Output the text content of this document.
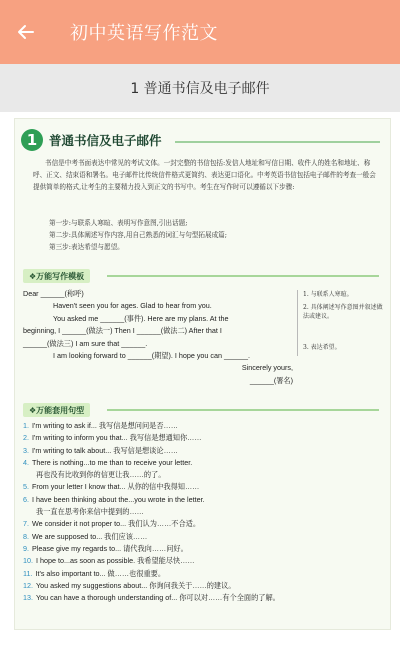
初中英语写作范文
1 普通书信及电子邮件
1 普通书信及电子邮件

书信是中考书面表达中常见的考试文体。一封完整的书信包括:发信人地址和写信日期、收件人的姓名和地址、称呼、正文、结束语和署名。电子邮件比传统信件格式更简约、表达更口语化。中考英语书信包括电子邮件的考查一般会提供简单的格式,让考生的主要精力投入到正文的书写中。考生在写作时可以遵循以下步骤:

第一步:与联系人寒暄、表明写作意图,引出话题;
第二步:具体阐述写作内容,用自己熟悉的词汇与句型拓展成篇;
第三步:表达希望与愿望。
❖万能写作模板
Dear ______(称呼)
Haven't seen you for ages. Glad to hear from you.
You asked me ______(事件). Here are my plans. At the
beginning, I ______(做法一) Then I ______(做法二) After that I
______(做法三) I am sure that ______.
I am looking forward to ______(期望). I hope you can ______.
Sincerely yours,
______(署名)
1. 与联系人寒暄。
2. 具体阐述写作意图并叙述做法或建议。
3. 表达希望。
❖万能套用句型
1. I'm writing to ask if... 我写信是想问问是否……
2. I'm writing to inform you that... 我写信是想通知你……
3. I'm writing to talk about... 我写信是想谈论……
4. There is nothing...to me than to receive your letter.
再也没有比收到你的信更让我……的了。
5. From your letter I know that... 从你的信中我得知……
6. I have been thinking about the...you wrote in the letter.
我一直在思考你来信中提到的……
7. We consider it not proper to... 我们认为……不合适。
8. We are supposed to... 我们应该……
9. Please give my regards to... 请代我向……问好。
10. I hope to...as soon as possible. 我希望能尽快……
11. It's also important to... 做……也很重要。
12. You asked my suggestions about... 你询问我关于……的建议。
13. You can have a thorough understanding of... 你可以对……有个全面的了解。
